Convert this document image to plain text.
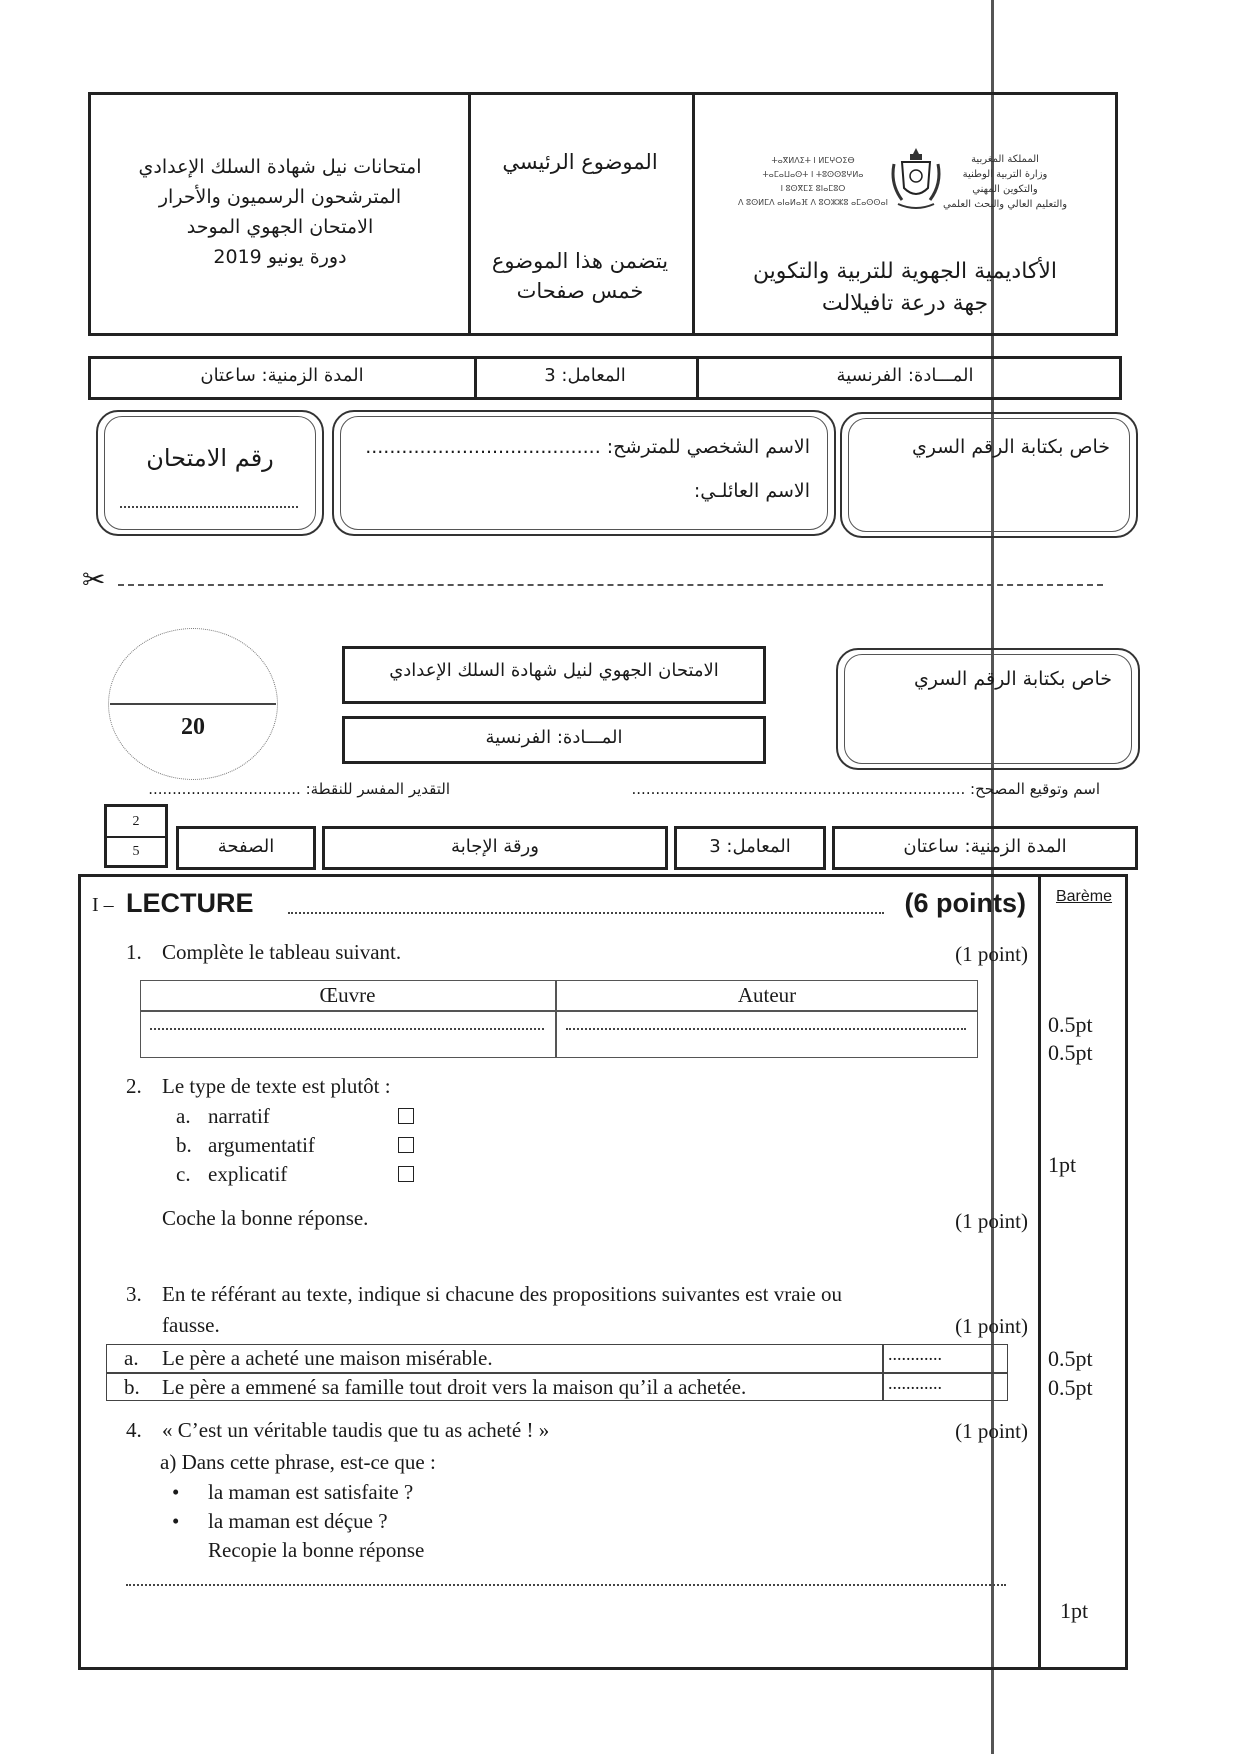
امتحانات نيل شهادة السلك الإعدادي
المترشحون الرسميون والأحرار
الامتحان الجهوي الموحد
دورة يونيو 2019
الموضوع الرئيسي
يتضمن هذا الموضوع
خمس صفحات
ⵜⴰⴳⵍⴷⵉⵜ ⵏ ⵍⵎⵖⵔⵉⴱ
ⵜⴰⵎⴰⵡⴰⵙⵜ ⵏ ⵜⵓⵙⵙⵓⵖⵍⴰ
ⵏ ⵓⵙⴳⵎⵉ ⵓⵏⴰⵎⵓⵔ
ⴷ ⵓⵙⵍⵎⴷ ⴰⵏⴰⵍⴰⴼ ⴷ ⵓⵔⵣⵣⵓ ⴰⵎⴰⵙⵙⴰⵏ
المملكة المغربية
وزارة التربية الوطنية
والتكوين المهني
والتعليم العالي والبحث العلمي
الأكاديمية الجهوية للتربية والتكوين
جهة درعة تافيلالت
المدة الزمنية: ساعتان	المعامل: 3	المـــادة: الفرنسية
رقم الامتحان	الاسم الشخصي للمترشح: .......................................
الاسم العائلـي:
خاص بكتابة الرقم السري
✂
20
الامتحان الجهوي لنيل شهادة السلك الإعدادي
المـــادة: الفرنسية
خاص بكتابة الرقم السري
التقدير المفسر للنقطة: ................................	اسم وتوقيع المصحح: ......................................................................
2
5	الصفحة	ورقة الإجابة	المعامل: 3	المدة الزمنية: ساعتان
Barème
I – LECTURE	(6 points)
1. Complète le tableau suivant.	(1 point)
Œuvre	Auteur
0.5pt
0.5pt
2. Le type de texte est plutôt :
a. narratif
b. argumentatif
c. explicatif	1pt
Coche la bonne réponse.	(1 point)
3. En te référant au texte, indique si chacune des propositions suivantes est vraie ou
fausse.	(1 point)
a. Le père a acheté une maison misérable.	............	0.5pt
b. Le père a emmené sa famille tout droit vers la maison qu’il a achetée.	............	0.5pt
4. « C’est un véritable taudis que tu as acheté ! »	(1 point)
a) Dans cette phrase, est-ce que :
• la maman est satisfaite ?
• la maman est déçue ?
Recopie la bonne réponse
1pt
